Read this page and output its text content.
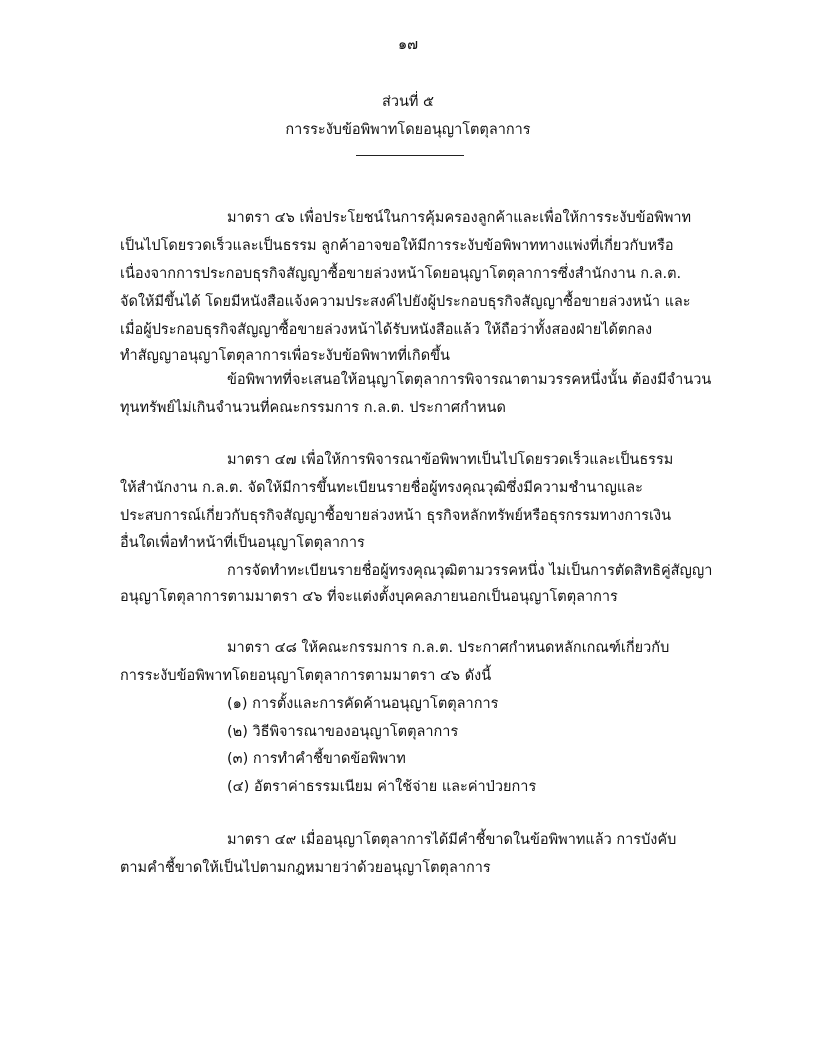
๑๗
ส่วนที่ ๕
การระงับข้อพิพาทโดยอนุญาโตตุลาการ
มาตรา ๔๖ เพื่อประโยชน์ในการคุ้มครองลูกค้าและเพื่อให้การระงับข้อพิพาท
เป็นไปโดยรวดเร็วและเป็นธรรม ลูกค้าอาจขอให้มีการระงับข้อพิพาททางแพ่งที่เกี่ยวกับหรือ
เนื่องจากการประกอบธุรกิจสัญญาซื้อขายล่วงหน้าโดยอนุญาโตตุลาการซึ่งสำนักงาน ก.ล.ต.
จัดให้มีขึ้นได้ โดยมีหนังสือแจ้งความประสงค์ไปยังผู้ประกอบธุรกิจสัญญาซื้อขายล่วงหน้า และ
เมื่อผู้ประกอบธุรกิจสัญญาซื้อขายล่วงหน้าได้รับหนังสือแล้ว ให้ถือว่าทั้งสองฝ่ายได้ตกลง
ทำสัญญาอนุญาโตตุลาการเพื่อระงับข้อพิพาทที่เกิดขึ้น
ข้อพิพาทที่จะเสนอให้อนุญาโตตุลาการพิจารณาตามวรรคหนึ่งนั้น ต้องมีจำนวน
ทุนทรัพย์ไม่เกินจำนวนที่คณะกรรมการ ก.ล.ต. ประกาศกำหนด
มาตรา ๔๗ เพื่อให้การพิจารณาข้อพิพาทเป็นไปโดยรวดเร็วและเป็นธรรม
ให้สำนักงาน ก.ล.ต. จัดให้มีการขึ้นทะเบียนรายชื่อผู้ทรงคุณวุฒิซึ่งมีความชำนาญและ
ประสบการณ์เกี่ยวกับธุรกิจสัญญาซื้อขายล่วงหน้า ธุรกิจหลักทรัพย์หรือธุรกรรมทางการเงิน
อื่นใดเพื่อทำหน้าที่เป็นอนุญาโตตุลาการ
การจัดทำทะเบียนรายชื่อผู้ทรงคุณวุฒิตามวรรคหนึ่ง ไม่เป็นการตัดสิทธิคู่สัญญา
อนุญาโตตุลาการตามมาตรา ๔๖ ที่จะแต่งตั้งบุคคลภายนอกเป็นอนุญาโตตุลาการ
มาตรา ๔๘ ให้คณะกรรมการ ก.ล.ต. ประกาศกำหนดหลักเกณฑ์เกี่ยวกับ
การระงับข้อพิพาทโดยอนุญาโตตุลาการตามมาตรา ๔๖ ดังนี้
(๑) การตั้งและการคัดค้านอนุญาโตตุลาการ
(๒) วิธีพิจารณาของอนุญาโตตุลาการ
(๓) การทำคำชี้ขาดข้อพิพาท
(๔) อัตราค่าธรรมเนียม ค่าใช้จ่าย และค่าป่วยการ
มาตรา ๔๙ เมื่ออนุญาโตตุลาการได้มีคำชี้ขาดในข้อพิพาทแล้ว การบังคับ
ตามคำชี้ขาดให้เป็นไปตามกฎหมายว่าด้วยอนุญาโตตุลาการ
